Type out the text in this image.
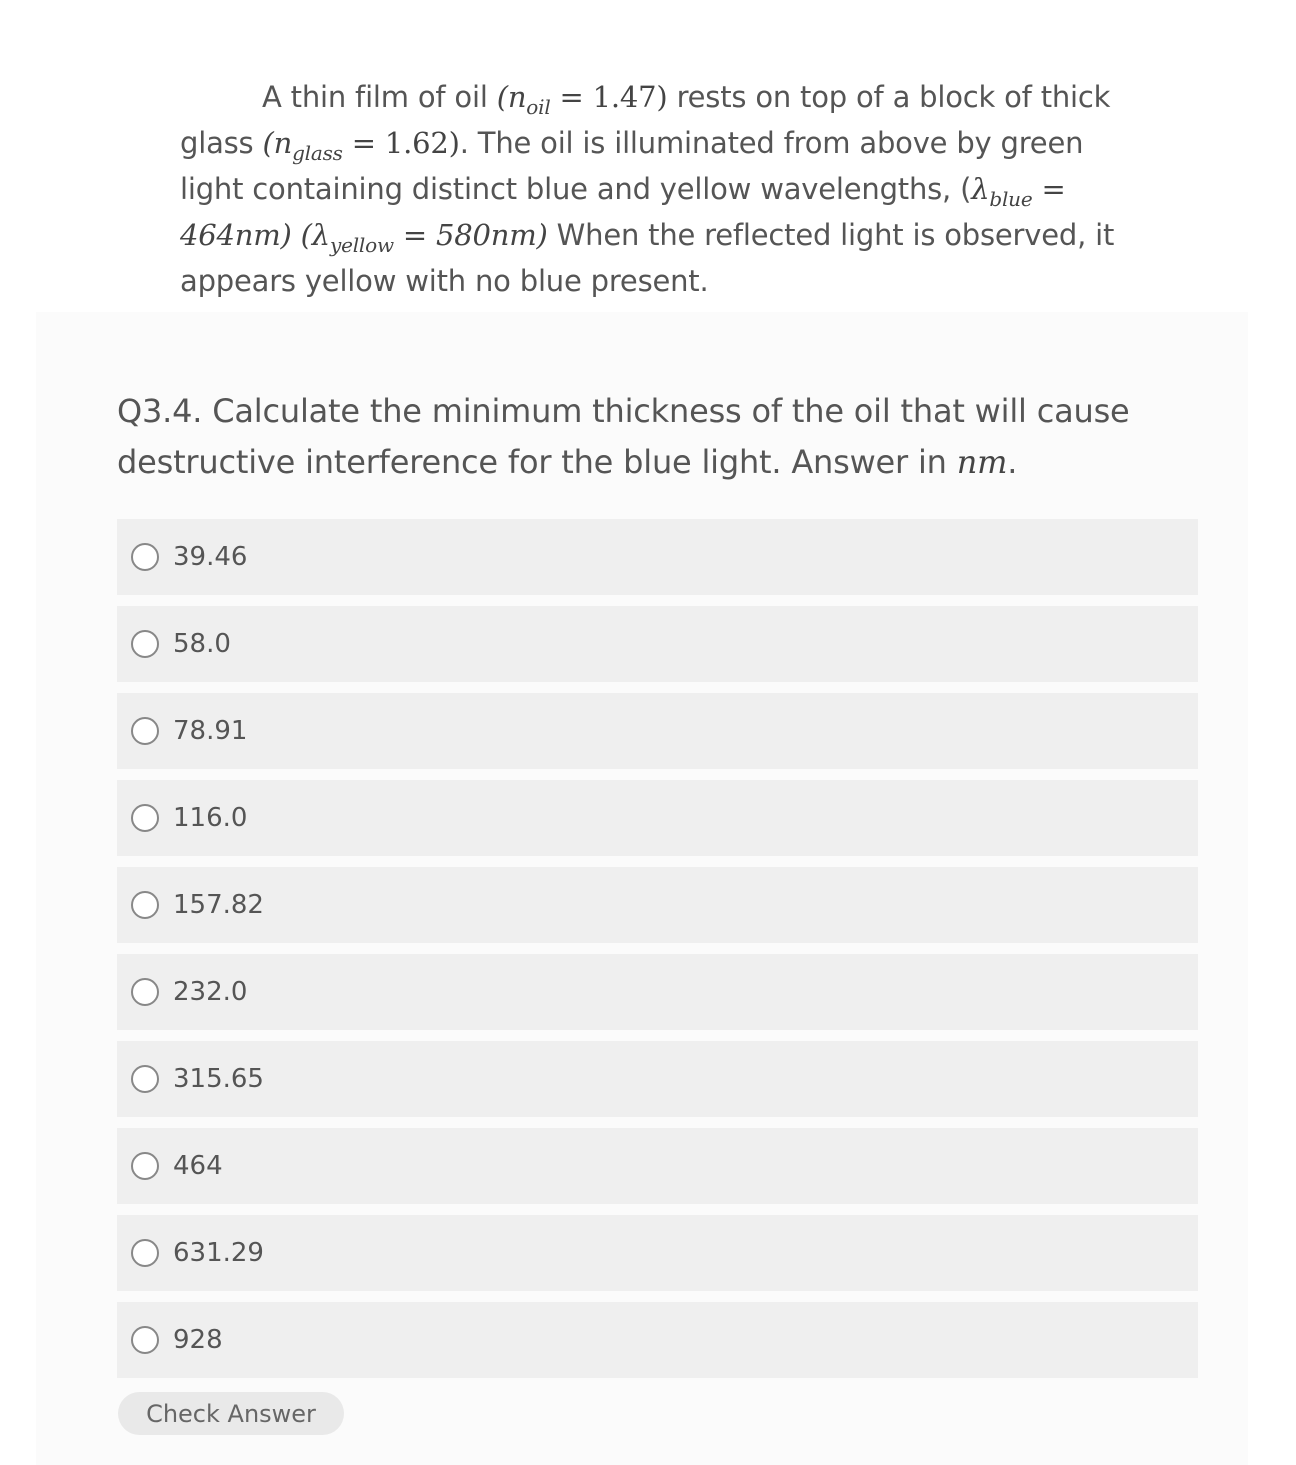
A thin film of oil $(n_{oil} = 1.47)$ rests on top of a block of thick glass $(n_{glass} = 1.62)$. The oil is illuminated from above by green light containing distinct blue and yellow wavelengths, $(\lambda_{blue} = 464nm) (\lambda_{yellow} = 580nm)$ When the reflected light is observed, it appears yellow with no blue present.
Q3.4. Calculate the minimum thickness of the oil that will cause destructive interference for the blue light. Answer in nm.
39.46
58.0
78.91
116.0
157.82
232.0
315.65
464
631.29
928
Check Answer
